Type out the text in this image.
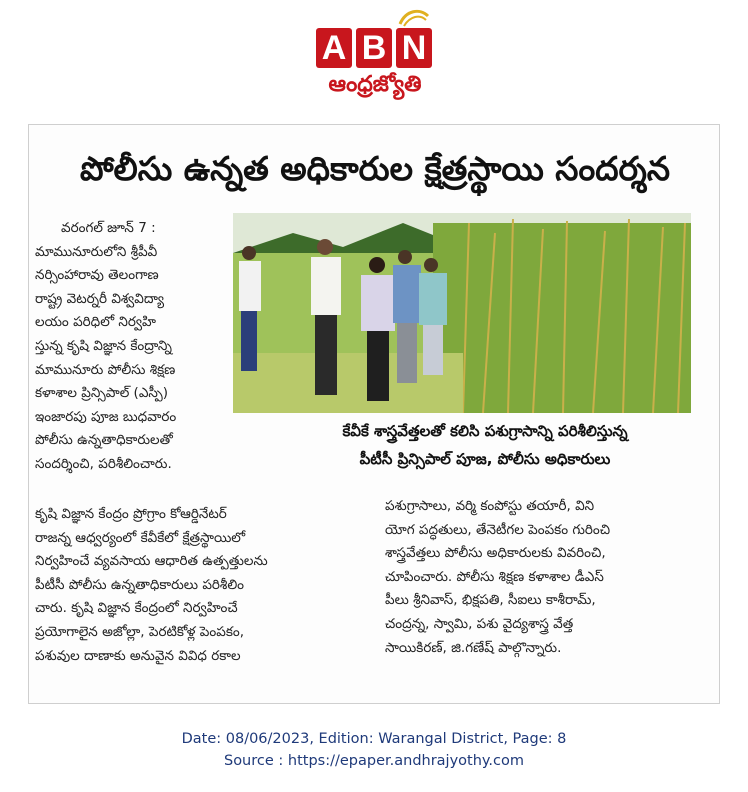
A B N
ఆంధ్రజ్యోతి
పోలీసు ఉన్నత అధికారుల క్షేత్రస్థాయి సందర్శన
కేవీకే శాస్త్రవేత్తలతో కలిసి పశుగ్రాసాన్ని పరిశీలిస్తున్న
పీటీసీ ప్రిన్సిపాల్ పూజ, పోలీసు అధికారులు
వరంగల్ జూన్ 7 :
మామునూరులోని శ్రీపీవీ
నర్సింహారావు తెలంగాణ
రాష్ట్ర వెటర్నరీ విశ్వవిద్యా
లయం పరిధిలో నిర్వహి
స్తున్న కృషి విజ్ఞాన కేంద్రాన్ని
మామునూరు పోలీసు శిక్షణ
కళాశాల ప్రిన్సిపాల్ (ఎస్పీ)
ఇంజారపు పూజ బుధవారం
పోలీసు ఉన్నతాధికారులతో
సందర్శించి, పరిశీలించారు.
కృషి విజ్ఞాన కేంద్రం ప్రోగ్రాం కోఆర్డినేటర్
రాజన్న ఆధ్వర్యంలో కేవీకేలో క్షేత్రస్థాయిలో
నిర్వహించే వ్యవసాయ ఆధారిత ఉత్పత్తులను
పీటీసీ పోలీసు ఉన్నతాధికారులు పరిశీలిం
చారు. కృషి విజ్ఞాన కేంద్రంలో నిర్వహించే
ప్రయోగాలైన అజోల్లా, పెరటికోళ్ల పెంపకం,
పశువుల దాణాకు అనువైన వివిధ రకాల
పశుగ్రాసాలు, వర్మి కంపోస్టు తయారీ, విని
యోగ పద్ధతులు, తేనెటీగల పెంపకం గురించి
శాస్త్రవేత్తలు పోలీసు అధికారులకు వివరించి,
చూపించారు. పోలీసు శిక్షణ కళాశాల డీఎస్
పీలు శ్రీనివాస్, భిక్షపతి, సీఐలు కాశీరామ్,
చంద్రన్న, స్వామి, పశు వైద్యశాస్త్ర వేత్త
సాయికిరణ్, జి.గణేష్ పాల్గొన్నారు.
Date: 08/06/2023, Edition: Warangal District, Page: 8
Source : https://epaper.andhrajyothy.com
